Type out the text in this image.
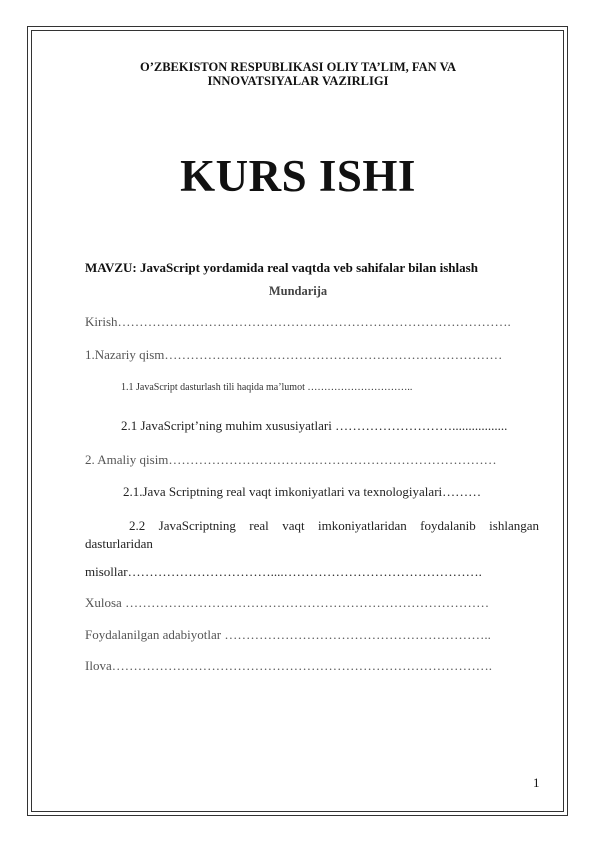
O’ZBEKISTON RESPUBLIKASI OLIY TA’LIM, FAN VA
INNOVATSIYALAR VAZIRLIGI
KURS ISHI
MAVZU: JavaScript yordamida real vaqtda veb sahifalar bilan ishlash
Mundarija
Kirish……………………………………………………………………………….
1.Nazariy qism……………………………………………………………………
1.1 JavaScript dasturlash tili haqida ma’lumot …………………………..
2.1 JavaScript’ning muhim xususiyatlari ……………………….................
2. Amaliy qisim…………………………….……………………………………
2.1.Java Scriptning real vaqt imkoniyatlari va texnologiyalari………
2.2 JavaScriptning real vaqt imkoniyatlaridan foydalanib ishlangan
dasturlaridan
misollar……………………………....……………………………………….
Xulosa …………………………………………………………………………
Foydalanilgan adabiyotlar ……………………………………………………..
Ilova…………………………………………………………………………….
1
